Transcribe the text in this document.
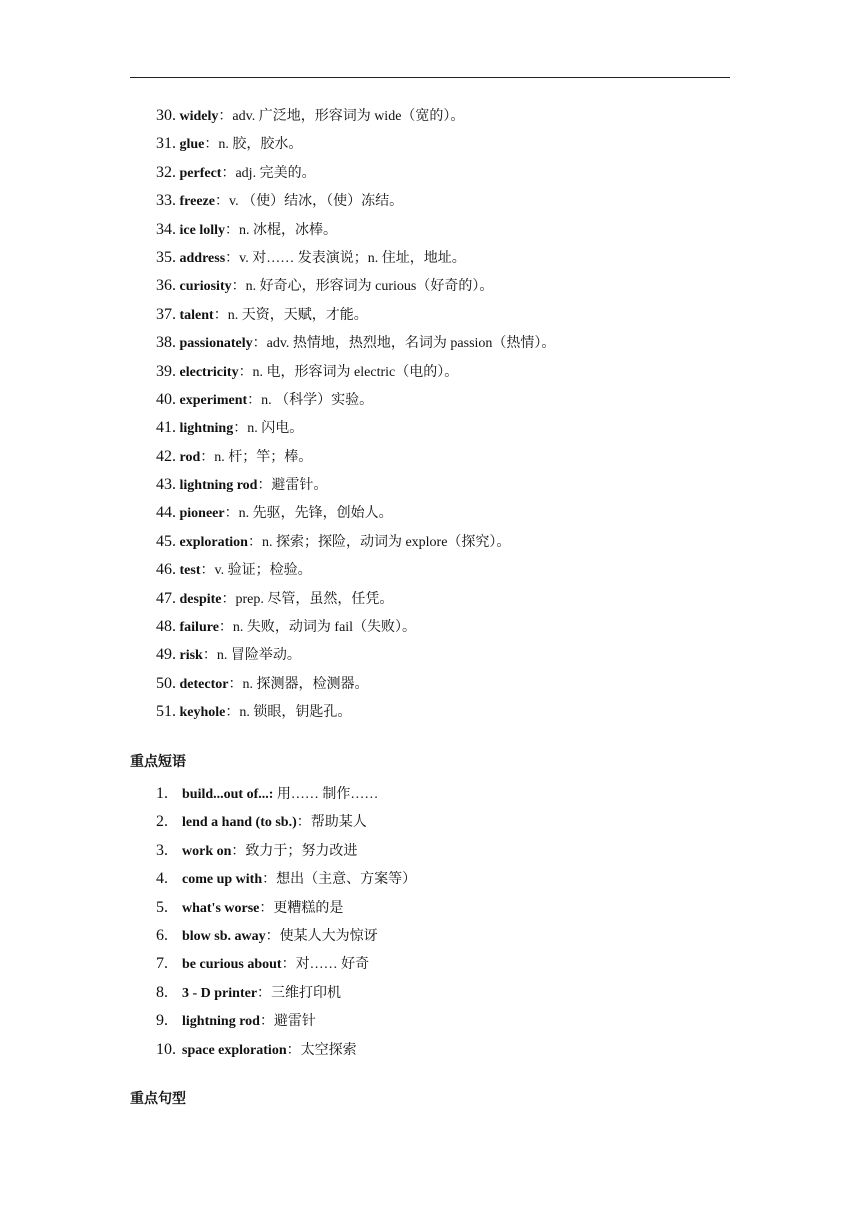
30. widely：adv. 广泛地，形容词为 wide（宽的）。
31. glue：n. 胶，胶水。
32. perfect：adj. 完美的。
33. freeze：v. （使）结冰，（使）冻结。
34. ice lolly：n. 冰棍，冰棒。
35. address：v. 对…… 发表演说；n. 住址，地址。
36. curiosity：n. 好奇心，形容词为 curious（好奇的）。
37. talent：n. 天资，天赋，才能。
38. passionately：adv. 热情地，热烈地，名词为 passion（热情）。
39. electricity：n. 电，形容词为 electric（电的）。
40. experiment：n. （科学）实验。
41. lightning：n. 闪电。
42. rod：n. 杆；竿；棒。
43. lightning rod：避雷针。
44. pioneer：n. 先驱，先锋，创始人。
45. exploration：n. 探索；探险，动词为 explore（探究）。
46. test：v. 验证；检验。
47. despite：prep. 尽管，虽然，任凭。
48. failure：n. 失败，动词为 fail（失败）。
49. risk：n. 冒险举动。
50. detector：n. 探测器，检测器。
51. keyhole：n. 锁眼，钥匙孔。
重点短语
1. build...out of...: 用…… 制作……
2. lend a hand (to sb.)：帮助某人
3. work on：致力于；努力改进
4. come up with：想出（主意、方案等）
5. what's worse：更糟糕的是
6. blow sb. away：使某人大为惊讶
7. be curious about：对…… 好奇
8. 3 - D printer：三维打印机
9. lightning rod：避雷针
10. space exploration：太空探索
重点句型
